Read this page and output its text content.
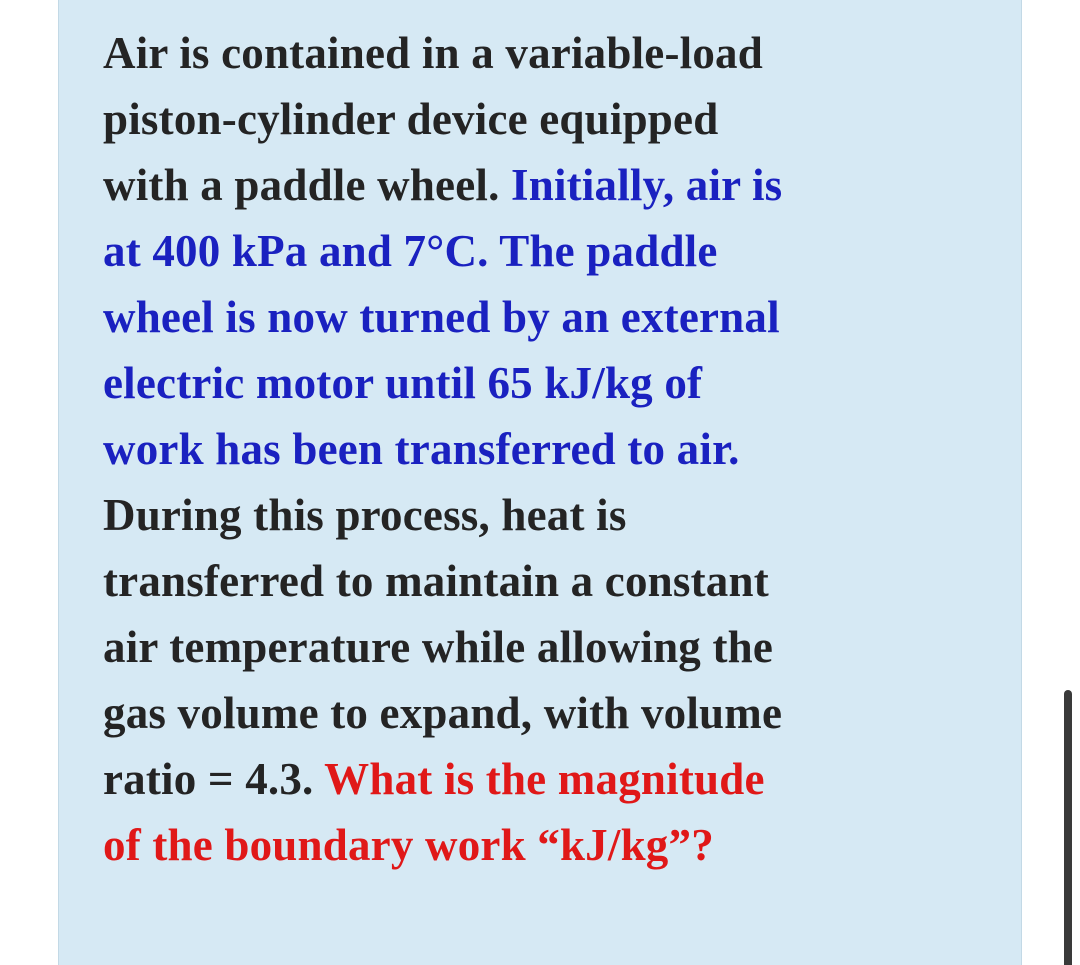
Air is contained in a variable-load
piston-cylinder device equipped
with a paddle wheel. Initially, air is
at 400 kPa and 7°C. The paddle
wheel is now turned by an external
electric motor until 65 kJ/kg of
work has been transferred to air.
During this process, heat is
transferred to maintain a constant
air temperature while allowing the
gas volume to expand, with volume
ratio = 4.3. What is the magnitude
of the boundary work “kJ/kg”?
